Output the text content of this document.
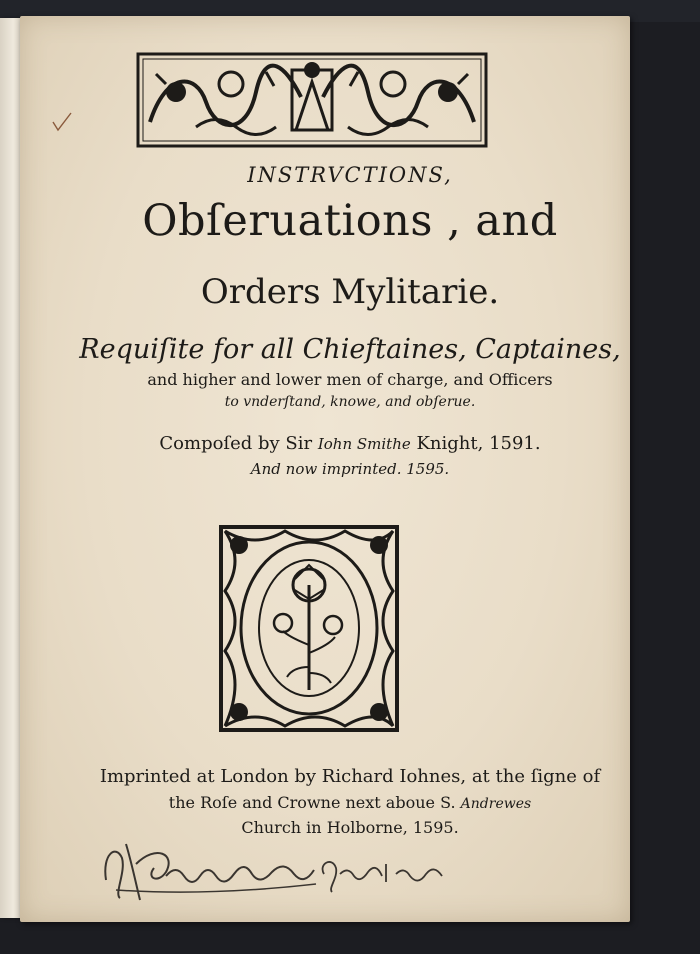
INSTRVCTIONS,
Obſeruations , and
Orders Mylitarie.
Requiſite for all Chieftaines, Captaines,
and higher and lower men of charge, and Officers
to vnderſtand, knowe, and obſerue.
Compoſed by Sir Iohn Smithe Knight, 1591.
And now imprinted. 1595.
Imprinted at London by Richard Iohnes, at the ſigne of
the Roſe and Crowne next aboue S. Andrewes
Church in Holborne, 1595.
